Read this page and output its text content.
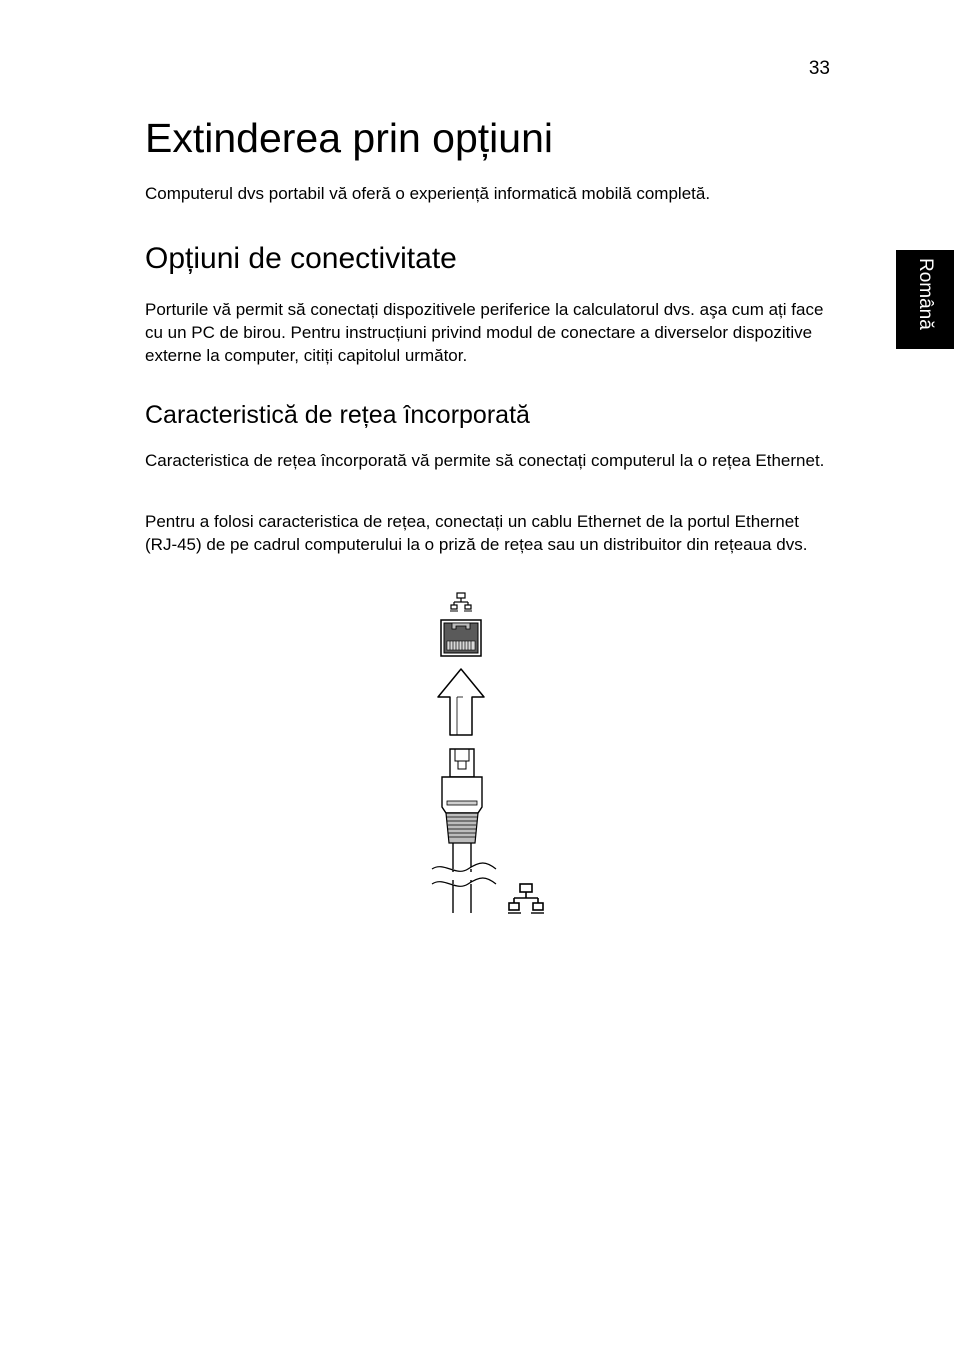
33
Română
Extinderea prin opțiuni

Computerul dvs portabil vă oferă o experiență informatică mobilă completă.

Opțiuni de conectivitate

Porturile vă permit să conectați dispozitivele periferice la calculatorul dvs. aşa cum ați face cu un PC de birou. Pentru instrucțiuni privind modul de conectare a diverselor dispozitive externe la computer, citiți capitolul următor.

Caracteristică de rețea încorporată

Caracteristica de rețea încorporată vă permite să conectați computerul la o rețea Ethernet.

Pentru a folosi caracteristica de rețea, conectați un cablu Ethernet de la portul Ethernet (RJ-45) de pe cadrul computerului la o priză de rețea sau un distribuitor din rețeaua dvs.
